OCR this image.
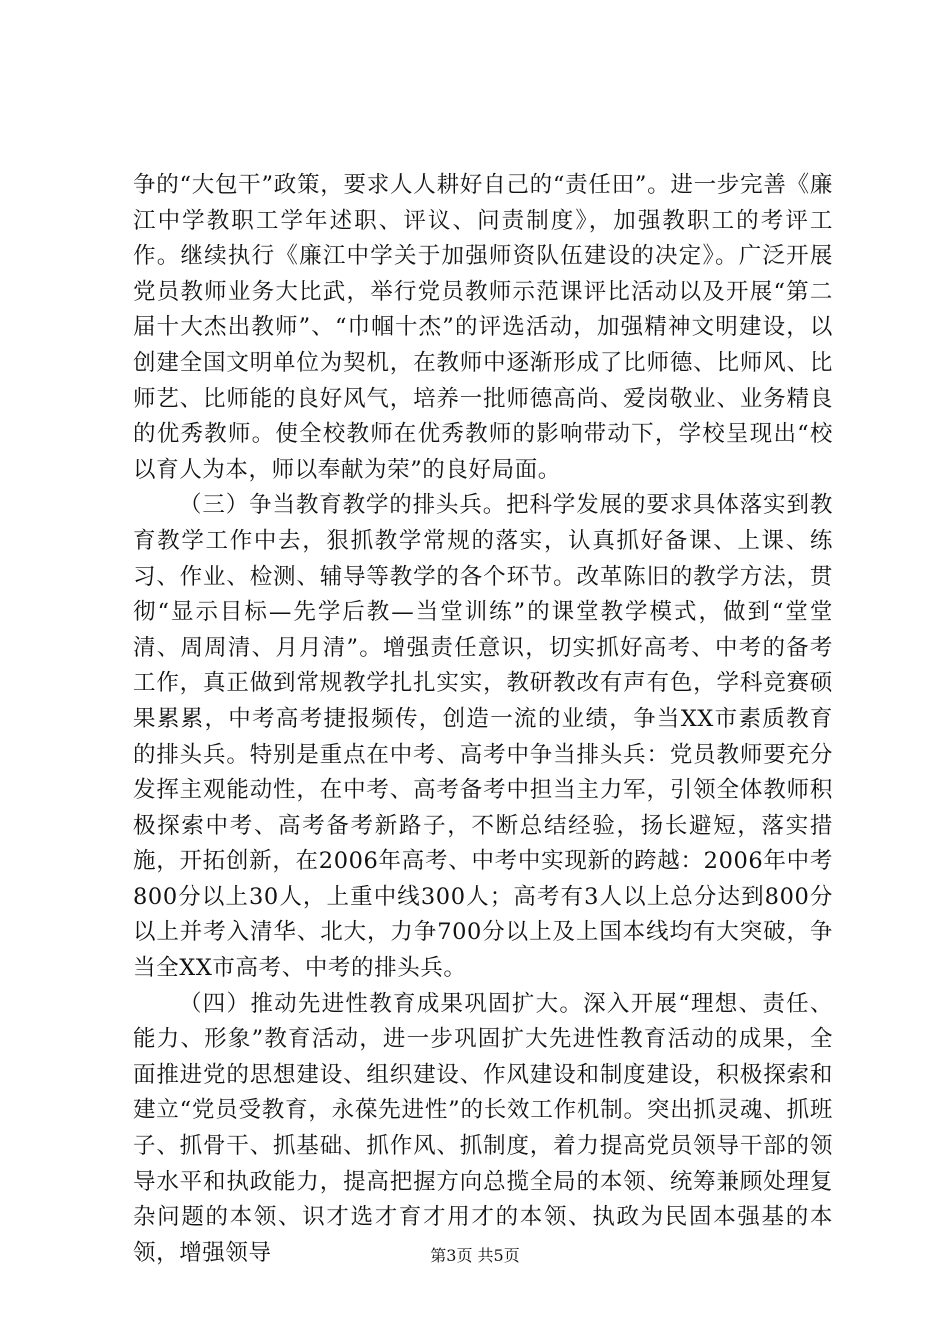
争的“大包干”政策，要求人人耕好自己的“责任田”。进一步完善《廉江中学教职工学年述职、评议、问责制度》，加强教职工的考评工作。继续执行《廉江中学关于加强师资队伍建设的决定》。广泛开展党员教师业务大比武，举行党员教师示范课评比活动以及开展“第二届十大杰出教师”、“巾帼十杰”的评选活动，加强精神文明建设，以创建全国文明单位为契机，在教师中逐渐形成了比师德、比师风、比师艺、比师能的良好风气，培养一批师德高尚、爱岗敬业、业务精良的优秀教师。使全校教师在优秀教师的影响带动下，学校呈现出“校以育人为本，师以奉献为荣”的良好局面。

（三）争当教育教学的排头兵。把科学发展的要求具体落实到教育教学工作中去，狠抓教学常规的落实，认真抓好备课、上课、练习、作业、检测、辅导等教学的各个环节。改革陈旧的教学方法，贯彻“显示目标—先学后教—当堂训练”的课堂教学模式，做到“堂堂清、周周清、月月清”。增强责任意识，切实抓好高考、中考的备考工作，真正做到常规教学扎扎实实，教研教改有声有色，学科竞赛硕果累累，中考高考捷报频传，创造一流的业绩，争当XX市素质教育的排头兵。特别是重点在中考、高考中争当排头兵：党员教师要充分发挥主观能动性，在中考、高考备考中担当主力军，引领全体教师积极探索中考、高考备考新路子，不断总结经验，扬长避短，落实措施，开拓创新，在2006年高考、中考中实现新的跨越：2006年中考800分以上30人，上重中线300人；高考有3人以上总分达到800分以上并考入清华、北大，力争700分以上及上国本线均有大突破，争当全XX市高考、中考的排头兵。

（四）推动先进性教育成果巩固扩大。深入开展“理想、责任、能力、形象”教育活动，进一步巩固扩大先进性教育活动的成果，全面推进党的思想建设、组织建设、作风建设和制度建设，积极探索和建立“党员受教育，永葆先进性”的长效工作机制。突出抓灵魂、抓班子、抓骨干、抓基础、抓作风、抓制度，着力提高党员领导干部的领导水平和执政能力，提高把握方向总揽全局的本领、统筹兼顾处理复杂问题的本领、识才选才育才用才的本领、执政为民固本强基的本领，增强领导	第3页 共5页
